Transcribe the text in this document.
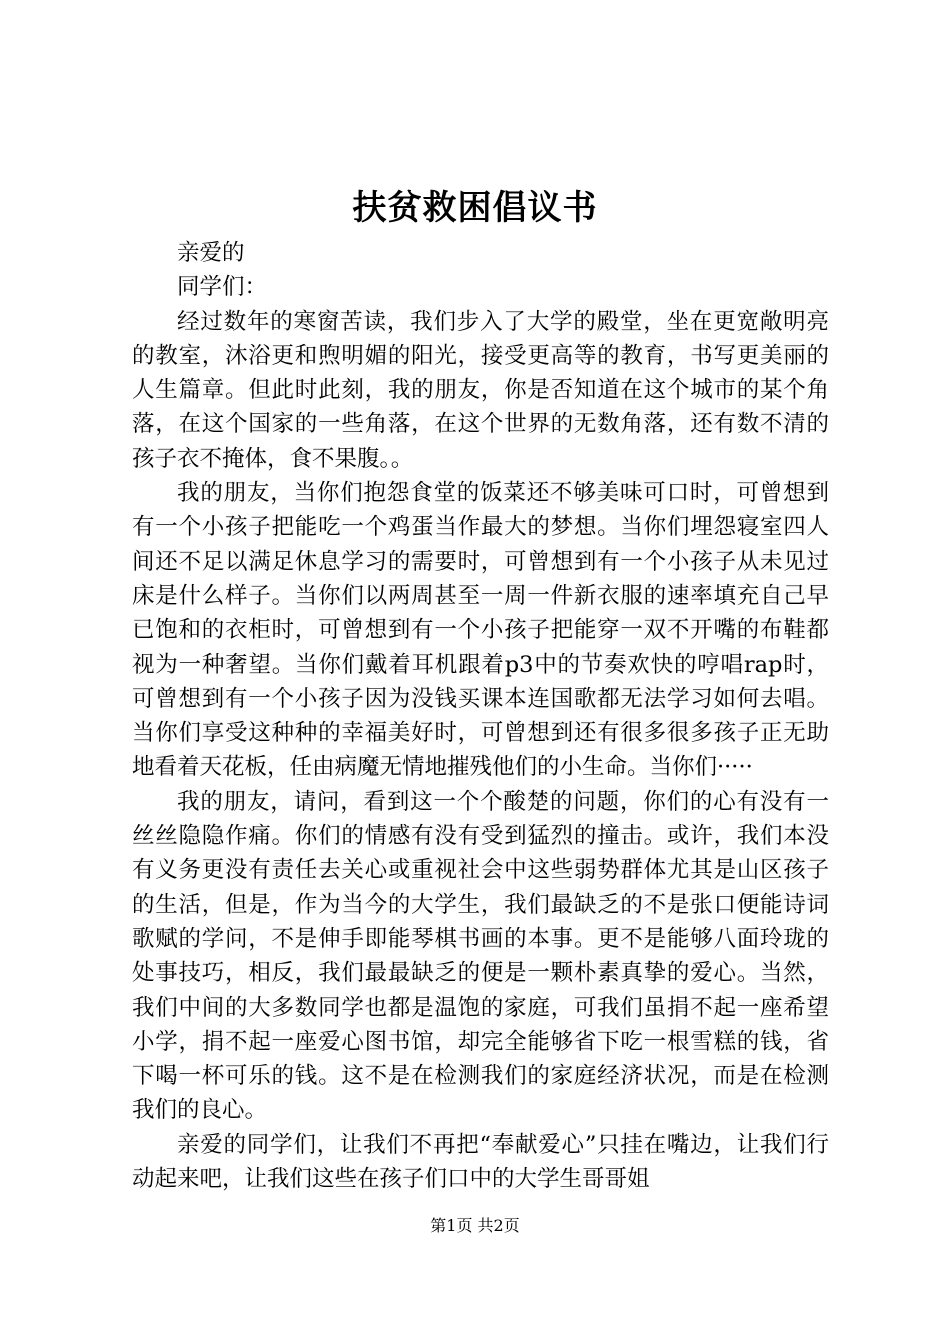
扶贫救困倡议书

亲爱的

同学们：

经过数年的寒窗苦读，我们步入了大学的殿堂，坐在更宽敞明亮的教室，沐浴更和煦明媚的阳光，接受更高等的教育，书写更美丽的人生篇章。但此时此刻，我的朋友，你是否知道在这个城市的某个角落，在这个国家的一些角落，在这个世界的无数角落，还有数不清的孩子衣不掩体，食不果腹。。

我的朋友，当你们抱怨食堂的饭菜还不够美味可口时，可曾想到有一个小孩子把能吃一个鸡蛋当作最大的梦想。当你们埋怨寝室四人间还不足以满足休息学习的需要时，可曾想到有一个小孩子从未见过床是什么样子。当你们以两周甚至一周一件新衣服的速率填充自己早已饱和的衣柜时，可曾想到有一个小孩子把能穿一双不开嘴的布鞋都视为一种奢望。当你们戴着耳机跟着p3中的节奏欢快的哼唱rap时，可曾想到有一个小孩子因为没钱买课本连国歌都无法学习如何去唱。当你们享受这种种的幸福美好时，可曾想到还有很多很多孩子正无助地看着天花板，任由病魔无情地摧残他们的小生命。当你们·····

我的朋友，请问，看到这一个个酸楚的问题，你们的心有没有一丝丝隐隐作痛。你们的情感有没有受到猛烈的撞击。或许，我们本没有义务更没有责任去关心或重视社会中这些弱势群体尤其是山区孩子的生活，但是，作为当今的大学生，我们最缺乏的不是张口便能诗词歌赋的学问，不是伸手即能琴棋书画的本事。更不是能够八面玲珑的处事技巧，相反，我们最最缺乏的便是一颗朴素真挚的爱心。当然，我们中间的大多数同学也都是温饱的家庭，可我们虽捐不起一座希望小学，捐不起一座爱心图书馆，却完全能够省下吃一根雪糕的钱，省下喝一杯可乐的钱。这不是在检测我们的家庭经济状况，而是在检测我们的良心。

亲爱的同学们，让我们不再把“奉献爱心”只挂在嘴边，让我们行动起来吧，让我们这些在孩子们口中的大学生哥哥姐

第1页 共2页
